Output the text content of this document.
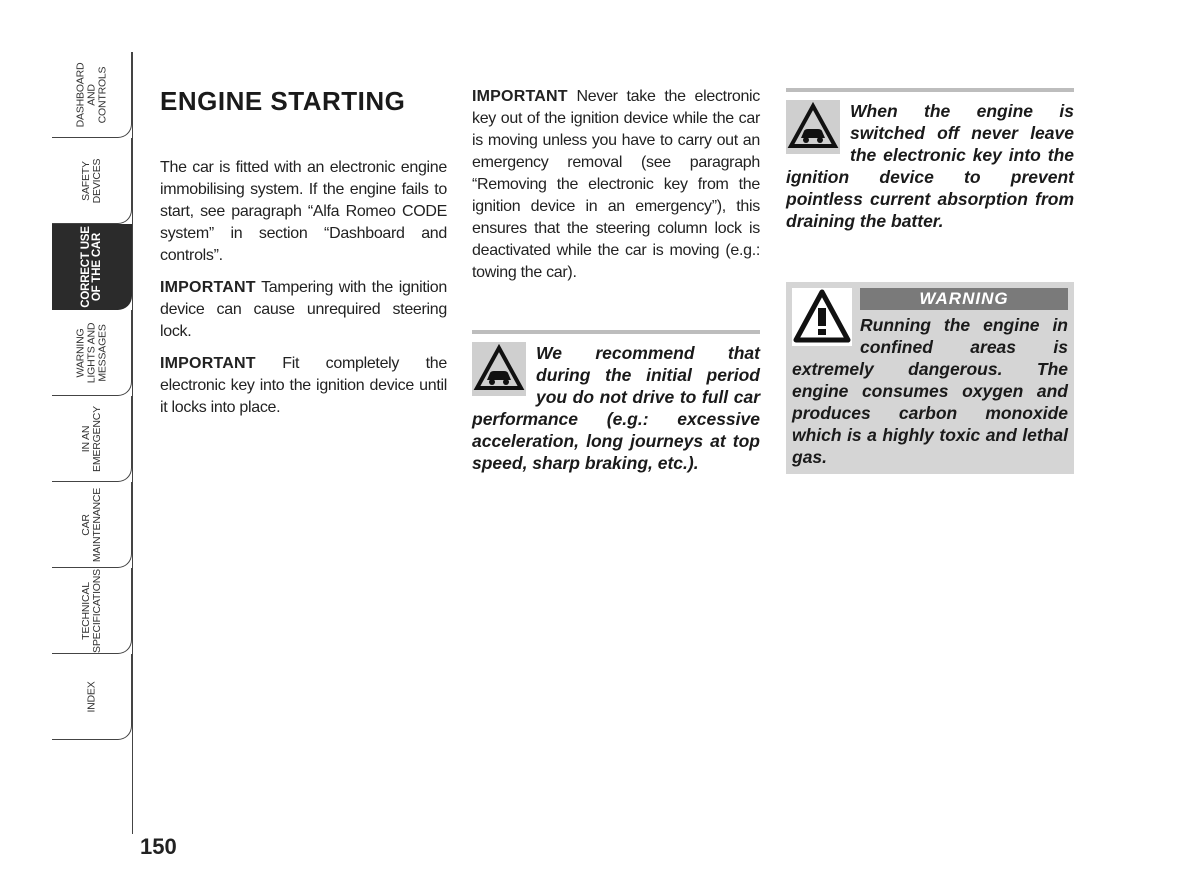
DASHBOARD
AND
CONTROLS
SAFETY
DEVICES
CORRECT USE
OF THE CAR
WARNING
LIGHTS AND
MESSAGES
IN AN
EMERGENCY
CAR
MAINTENANCE
TECHNICAL
SPECIFICATIONS
INDEX
150
ENGINE STARTING

The car is fitted with an electronic engine immobilising system. If the engine fails to start, see paragraph “Alfa Romeo CODE system” in section “Dashboard and controls”.

IMPORTANT Tampering with the ignition device can cause unrequired steering lock.

IMPORTANT Fit completely the electronic key into the ignition device until it locks into place.

IMPORTANT Never take the electronic key out of the ignition device while the car is moving unless you have to carry out an emergency removal (see paragraph “Removing the electronic key from the ignition device in an emergency”), this ensures that the steering column lock is deactivated while the car is moving (e.g.: towing the car).

We recommend that during the initial period you do not drive to full car performance (e.g.: excessive acceleration, long journeys at top speed, sharp braking, etc.).

When the engine is switched off never leave the electronic key into the ignition device to prevent pointless current absorption from draining the batter.

WARNING

Running the engine in confined areas is extremely dangerous. The engine consumes oxygen and produces carbon monoxide which is a highly toxic and lethal gas.
